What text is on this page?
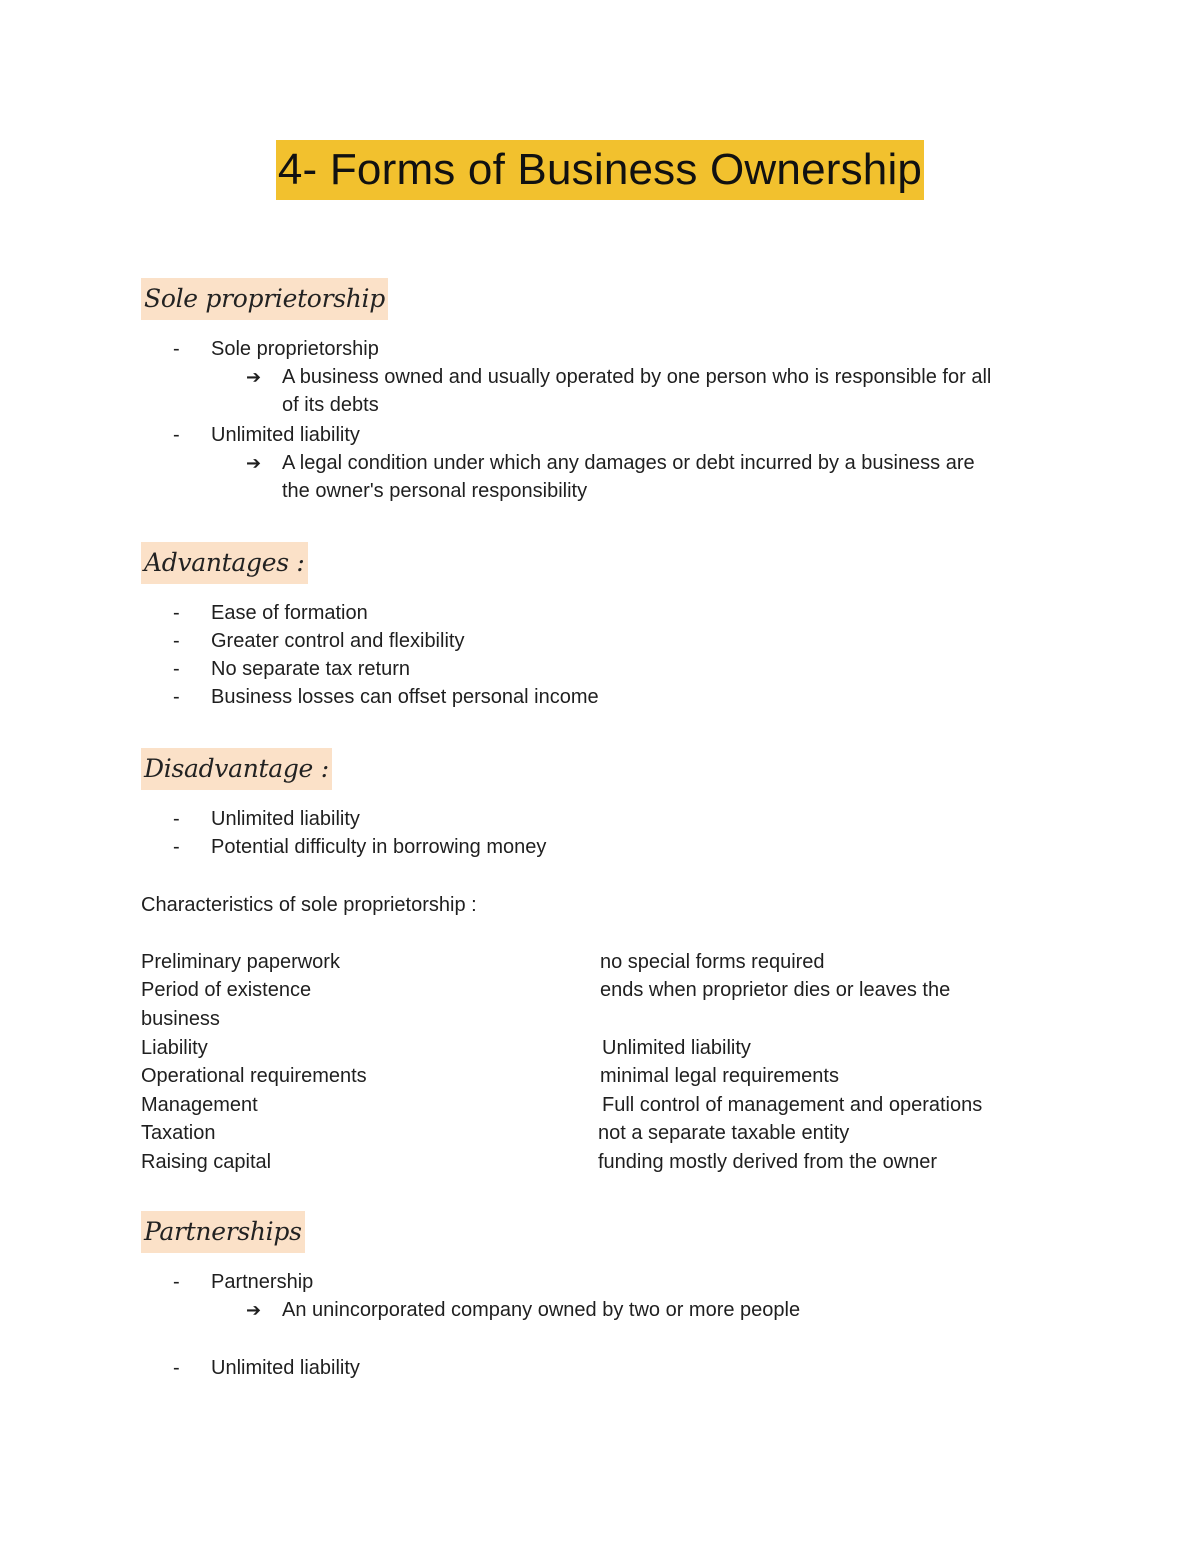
4- Forms of Business Ownership
Sole proprietorship
- Sole proprietorship
➔ A business owned and usually operated by one person who is responsible for all
of its debts
- Unlimited liability
➔ A legal condition under which any damages or debt incurred by a business are
the owner's personal responsibility
Advantages :
- Ease of formation
- Greater control and flexibility
- No separate tax return
- Business losses can offset personal income
Disadvantage :
- Unlimited liability
- Potential difficulty in borrowing money
Characteristics of sole proprietorship :
Preliminary paperwork	no special forms required
Period of existence	ends when proprietor dies or leaves the
business
Liability	Unlimited liability
Operational requirements	minimal legal requirements
Management	Full control of management and operations
Taxation	not a separate taxable entity
Raising capital	funding mostly derived from the owner
Partnerships
- Partnership
➔ An unincorporated company owned by two or more people
- Unlimited liability
